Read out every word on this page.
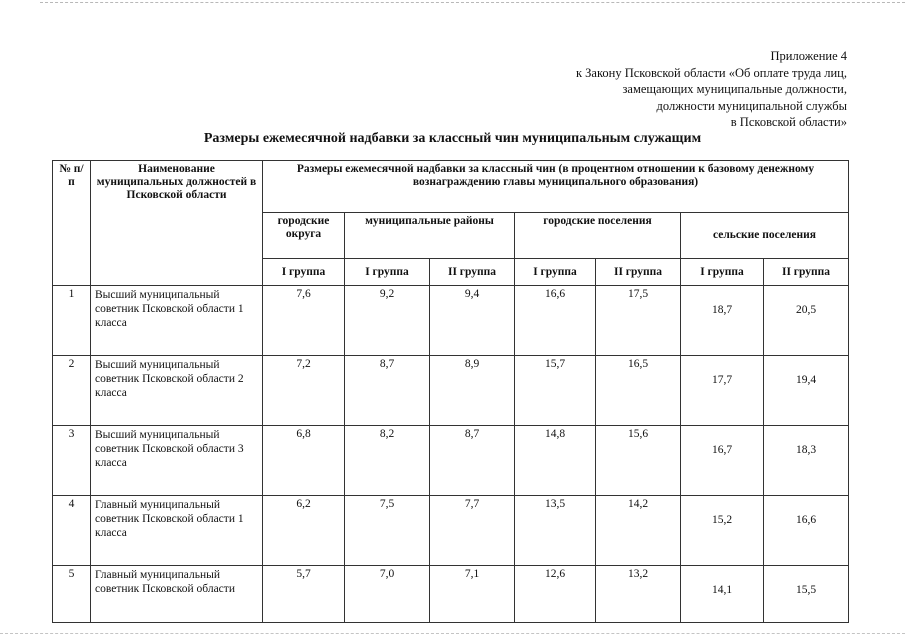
Приложение 4
к Закону Псковской области «Об оплате труда лиц,
замещающих муниципальные должности,
должности муниципальной службы
в Псковской области»
Размеры ежемесячной надбавки за классный чин муниципальным служащим
№ п/п	Наименование муниципальных должностей в Псковской области	Размеры ежемесячной надбавки за классный чин (в процентном отношении к базовому денежному вознаграждению главы муниципального образования)						
		городские округа	муниципальные районы		городские поселения		сельские поселения	
		I группа	I группа	II группа	I группа	II группа	I группа	II группа
1	Высший муниципальный советник Псковской области 1 класса	7,6	9,2	9,4	16,6	17,5	18,7	20,5
2	Высший муниципальный советник Псковской области 2 класса	7,2	8,7	8,9	15,7	16,5	17,7	19,4
3	Высший муниципальный советник Псковской области 3 класса	6,8	8,2	8,7	14,8	15,6	16,7	18,3
4	Главный муниципальный советник Псковской области 1 класса	6,2	7,5	7,7	13,5	14,2	15,2	16,6
5	Главный муниципальный советник Псковской области	5,7	7,0	7,1	12,6	13,2	14,1	15,5
